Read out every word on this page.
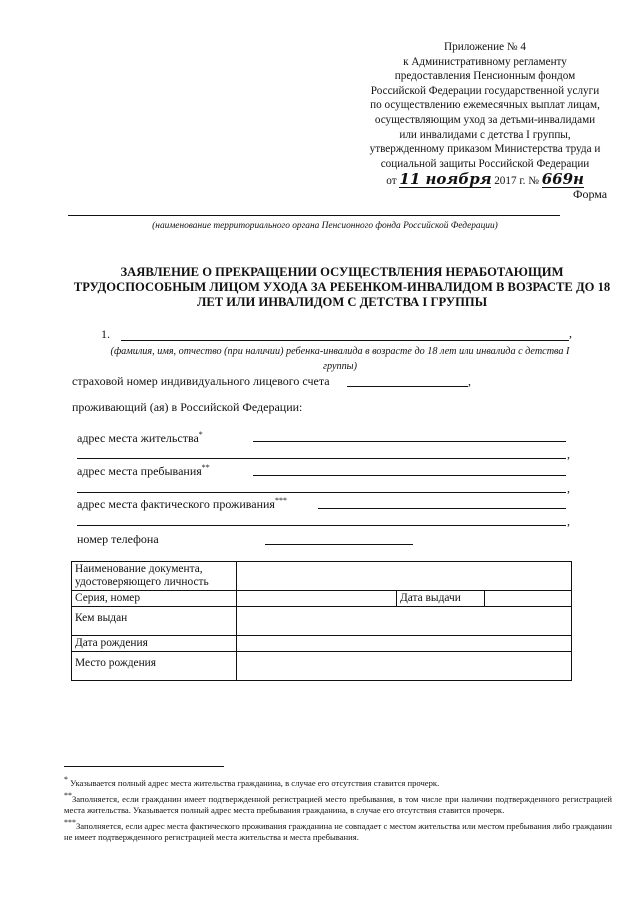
Приложение № 4
к Административному регламенту
предоставления Пенсионным фондом
Российской Федерации государственной услуги
по осуществлению ежемесячных выплат лицам,
осуществляющим уход за детьми-инвалидами
или инвалидами с детства I группы,
утвержденному приказом Министерства труда и
социальной защиты Российской Федерации
от 11 ноября 2017 г. № 669н
Форма
(наименование территориального органа Пенсионного фонда Российской Федерации)
ЗАЯВЛЕНИЕ О ПРЕКРАЩЕНИИ ОСУЩЕСТВЛЕНИЯ НЕРАБОТАЮЩИМ ТРУДОСПОСОБНЫМ ЛИЦОМ УХОДА ЗА РЕБЕНКОМ-ИНВАЛИДОМ В ВОЗРАСТЕ ДО 18 ЛЕТ ИЛИ ИНВАЛИДОМ С ДЕТСТВА I ГРУППЫ
1.	,
(фамилия, имя, отчество (при наличии) ребенка-инвалида в возрасте до 18 лет или инвалида с детства I группы)
страховой номер индивидуального лицевого счета	,
проживающий (ая) в Российской Федерации:
адрес места жительства*
,
адрес места пребывания**
,
адрес места фактического проживания***
,
номер телефона
Наименование документа, удостоверяющего личность			
Серия, номер		Дата выдачи	
Кем выдан			
Дата рождения			
Место рождения			

* Указывается полный адрес места жительства гражданина, в случае его отсутствия ставится прочерк.

**Заполняется, если гражданин имеет подтвержденной регистрацией место пребывания, в том числе при наличии подтвержденного регистрацией места жительства. Указывается полный адрес места пребывания гражданина, в случае его отсутствия ставится прочерк.

***Заполняется, если адрес места фактического проживания гражданина не совпадает с местом жительства или местом пребывания либо гражданин не имеет подтвержденного регистрацией места жительства и места пребывания.
